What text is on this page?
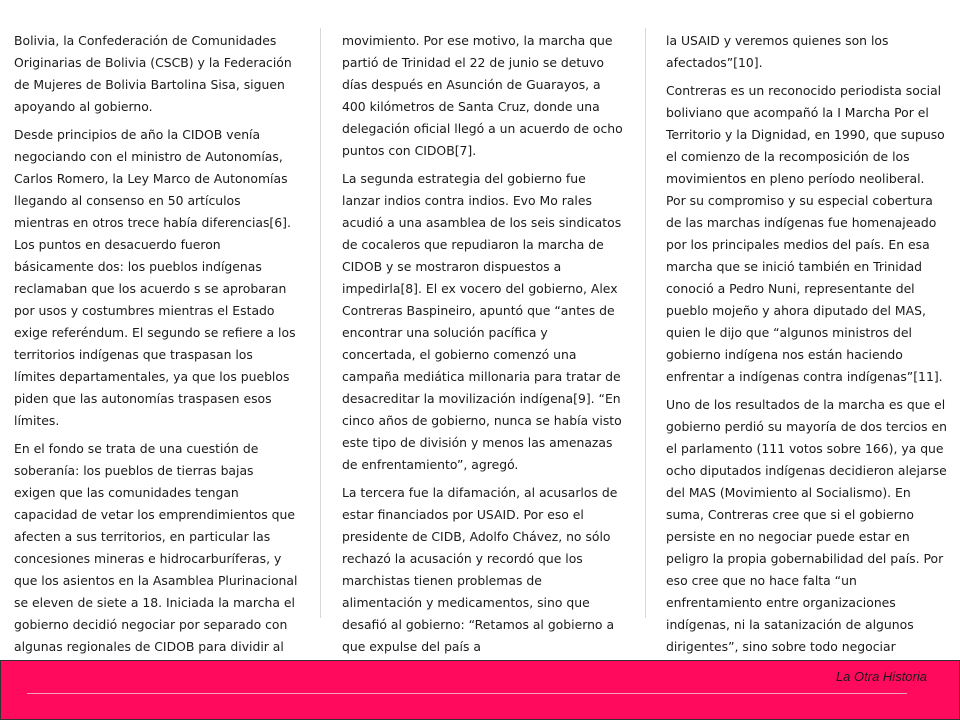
Bolivia, la Confederación de Comunidades Originarias de Bolivia (CSCB) y la Federación de Mujeres de Bolivia Bartolina Sisa, siguen apoyando al gobierno.

Desde principios de año la CIDOB venía negociando con el ministro de Autonomías, Carlos Romero, la Ley Marco de Autonomías llegando al consenso en 50 artículos mientras en otros trece había diferencias[6]. Los puntos en desacuerdo fueron básicamente dos: los pueblos indígenas reclamaban que los acuerdo s se aprobaran por usos y costumbres mientras el Estado exige referéndum. El segundo se refiere a los territorios indígenas que traspasan los límites departamentales, ya que los pueblos piden que las autonomías traspasen esos límites.

En el fondo se trata de una cuestión de soberanía: los pueblos de tierras bajas exigen que las comunidades tengan capacidad de vetar los emprendimientos que afecten a sus territorios, en particular las concesiones mineras e hidrocarburíferas, y que los asientos en la Asamblea Plurinacional se eleven de siete a 18. Iniciada la marcha el gobierno decidió negociar por separado con algunas regionales de CIDOB para dividir al

movimiento. Por ese motivo, la marcha que partió de Trinidad el 22 de junio se detuvo días después en Asunción de Guarayos, a 400 kilómetros de Santa Cruz, donde una delegación oficial llegó a un acuerdo de ocho puntos con CIDOB[7].

La segunda estrategia del gobierno fue lanzar indios contra indios. Evo Mo rales acudió a una asamblea de los seis sindicatos de cocaleros que repudiaron la marcha de CIDOB y se mostraron dispuestos a impedirla[8]. El ex vocero del gobierno, Alex Contreras Baspineiro, apuntó que “antes de encontrar una solución pacífica y concertada, el gobierno comenzó una campaña mediática millonaria para tratar de desacreditar la movilización indígena[9]. “En cinco años de gobierno, nunca se había visto este tipo de división y menos las amenazas de enfrentamiento”, agregó.

La tercera fue la difamación, al acusarlos de estar financiados por USAID. Por eso el presidente de CIDB, Adolfo Chávez, no sólo rechazó la acusación y recordó que los marchistas tienen problemas de alimentación y medicamentos, sino que desafió al gobierno: “Retamos al gobierno a que expulse del país a

la USAID y veremos quienes son los afectados”[10].

Contreras es un reconocido periodista social boliviano que acompañó la I Marcha Por el Territorio y la Dignidad, en 1990, que supuso el comienzo de la recomposición de los movimientos en pleno período neoliberal. Por su compromiso y su especial cobertura de las marchas indígenas fue homenajeado por los principales medios del país. En esa marcha que se inició también en Trinidad conoció a Pedro Nuni, representante del pueblo mojeño y ahora diputado del MAS, quien le dijo que “algunos ministros del gobierno indígena nos están haciendo enfrentar a indígenas contra indígenas”[11].

Uno de los resultados de la marcha es que el gobierno perdió su mayoría de dos tercios en el parlamento (111 votos sobre 166), ya que ocho diputados indígenas decidieron alejarse del MAS (Movimiento al Socialismo). En suma, Contreras cree que si el gobierno persiste en no negociar puede estar en peligro la propia gobernabilidad del país. Por eso cree que no hace falta “un enfrentamiento entre organizaciones indígenas, ni la satanización de algunos dirigentes”, sino sobre todo negociar

La Otra Historia
